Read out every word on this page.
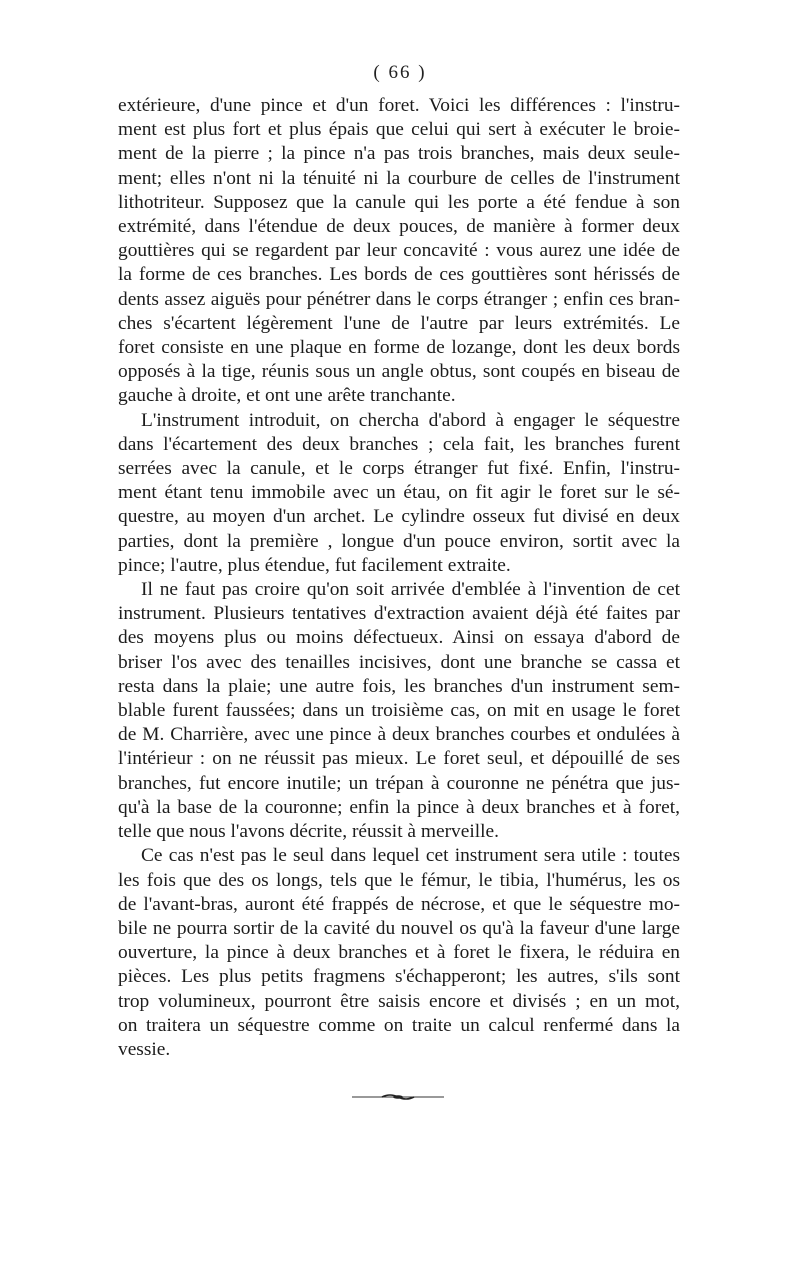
( 66 )
extérieure, d'une pince et d'un foret. Voici les différences : l'instru-
ment est plus fort et plus épais que celui qui sert à exécuter le broie-
ment de la pierre ; la pince n'a pas trois branches, mais deux seule-
ment; elles n'ont ni la ténuité ni la courbure de celles de l'instrument
lithotriteur. Supposez que la canule qui les porte a été fendue à son
extrémité, dans l'étendue de deux pouces, de manière à former deux
gouttières qui se regardent par leur concavité : vous aurez une idée de
la forme de ces branches. Les bords de ces gouttières sont hérissés de
dents assez aiguës pour pénétrer dans le corps étranger ; enfin ces bran-
ches s'écartent légèrement l'une de l'autre par leurs extrémités. Le
foret consiste en une plaque en forme de lozange, dont les deux bords
opposés à la tige, réunis sous un angle obtus, sont coupés en biseau de
gauche à droite, et ont une arête tranchante.
L'instrument introduit, on chercha d'abord à engager le séquestre
dans l'écartement des deux branches ; cela fait, les branches furent
serrées avec la canule, et le corps étranger fut fixé. Enfin, l'instru-
ment étant tenu immobile avec un étau, on fit agir le foret sur le sé-
questre, au moyen d'un archet. Le cylindre osseux fut divisé en deux
parties, dont la première , longue d'un pouce environ, sortit avec la
pince; l'autre, plus étendue, fut facilement extraite.
Il ne faut pas croire qu'on soit arrivée d'emblée à l'invention de cet
instrument. Plusieurs tentatives d'extraction avaient déjà été faites par
des moyens plus ou moins défectueux. Ainsi on essaya d'abord de
briser l'os avec des tenailles incisives, dont une branche se cassa et
resta dans la plaie; une autre fois, les branches d'un instrument sem-
blable furent faussées; dans un troisième cas, on mit en usage le foret
de M. Charrière, avec une pince à deux branches courbes et ondulées à
l'intérieur : on ne réussit pas mieux. Le foret seul, et dépouillé de ses
branches, fut encore inutile; un trépan à couronne ne pénétra que jus-
qu'à la base de la couronne; enfin la pince à deux branches et à foret,
telle que nous l'avons décrite, réussit à merveille.
Ce cas n'est pas le seul dans lequel cet instrument sera utile : toutes
les fois que des os longs, tels que le fémur, le tibia, l'humérus, les os
de l'avant-bras, auront été frappés de nécrose, et que le séquestre mo-
bile ne pourra sortir de la cavité du nouvel os qu'à la faveur d'une large
ouverture, la pince à deux branches et à foret le fixera, le réduira en
pièces. Les plus petits fragmens s'échapperont; les autres, s'ils sont
trop volumineux, pourront être saisis encore et divisés ; en un mot,
on traitera un séquestre comme on traite un calcul renfermé dans la
vessie.
